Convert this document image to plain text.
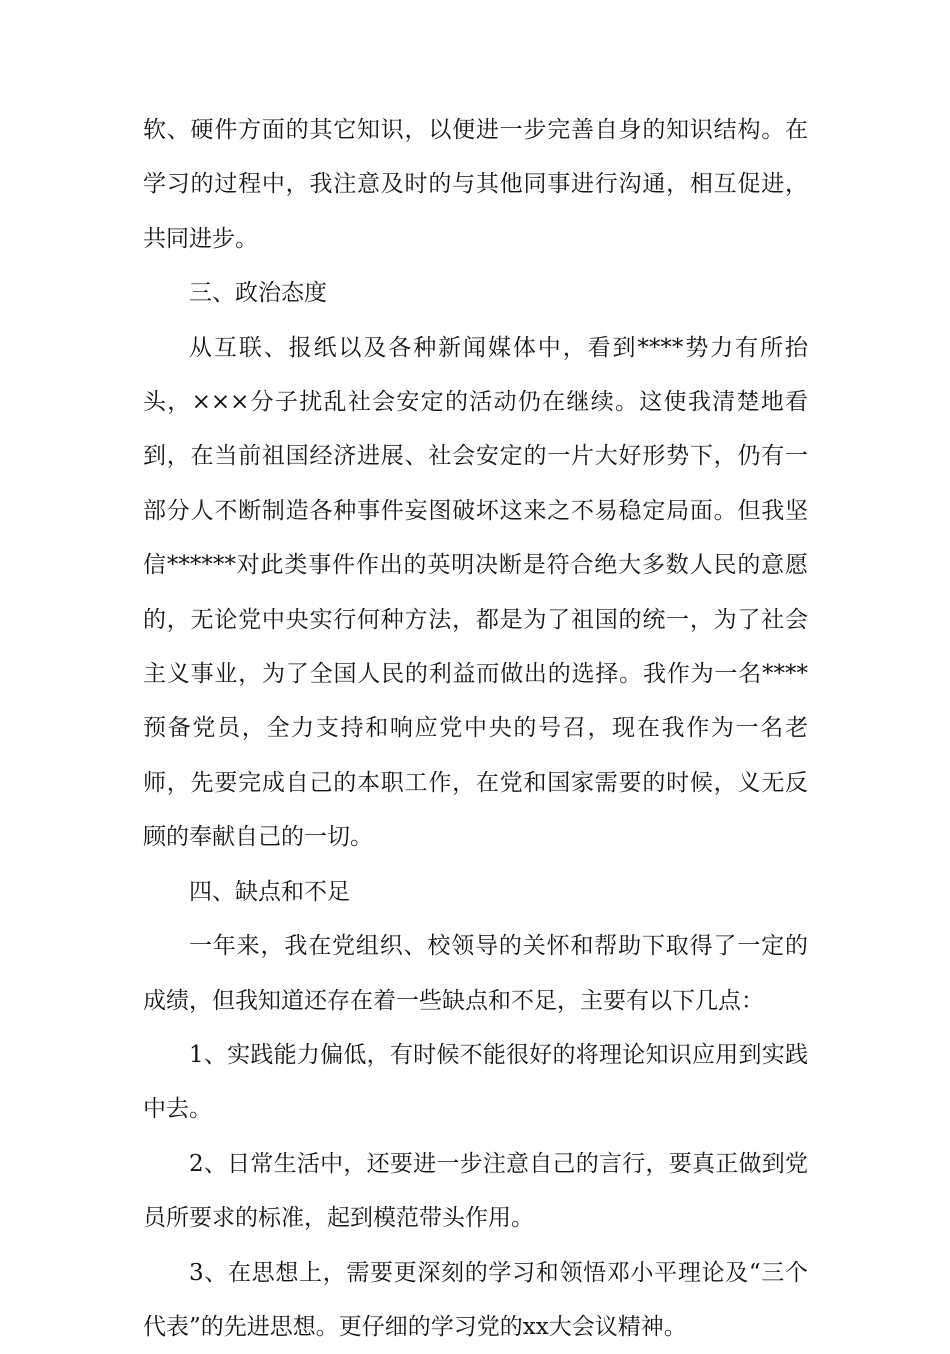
软、硬件方面的其它知识，以便进一步完善自身的知识结构。在学习的过程中，我注意及时的与其他同事进行沟通，相互促进，共同进步。

三、政治态度

从互联、报纸以及各种新闻媒体中，看到****势力有所抬头，×××分子扰乱社会安定的活动仍在继续。这使我清楚地看到，在当前祖国经济进展、社会安定的一片大好形势下，仍有一部分人不断制造各种事件妄图破坏这来之不易稳定局面。但我坚信******对此类事件作出的英明决断是符合绝大多数人民的意愿的，无论党中央实行何种方法，都是为了祖国的统一，为了社会主义事业，为了全国人民的利益而做出的选择。我作为一名****预备党员，全力支持和响应党中央的号召，现在我作为一名老师，先要完成自己的本职工作，在党和国家需要的时候，义无反顾的奉献自己的一切。

四、缺点和不足

一年来，我在党组织、校领导的关怀和帮助下取得了一定的成绩，但我知道还存在着一些缺点和不足，主要有以下几点：

1、实践能力偏低，有时候不能很好的将理论知识应用到实践中去。

2、日常生活中，还要进一步注意自己的言行，要真正做到党员所要求的标准，起到模范带头作用。

3、在思想上，需要更深刻的学习和领悟邓小平理论及“三个代表”的先进思想。更仔细的学习党的xx大会议精神。
